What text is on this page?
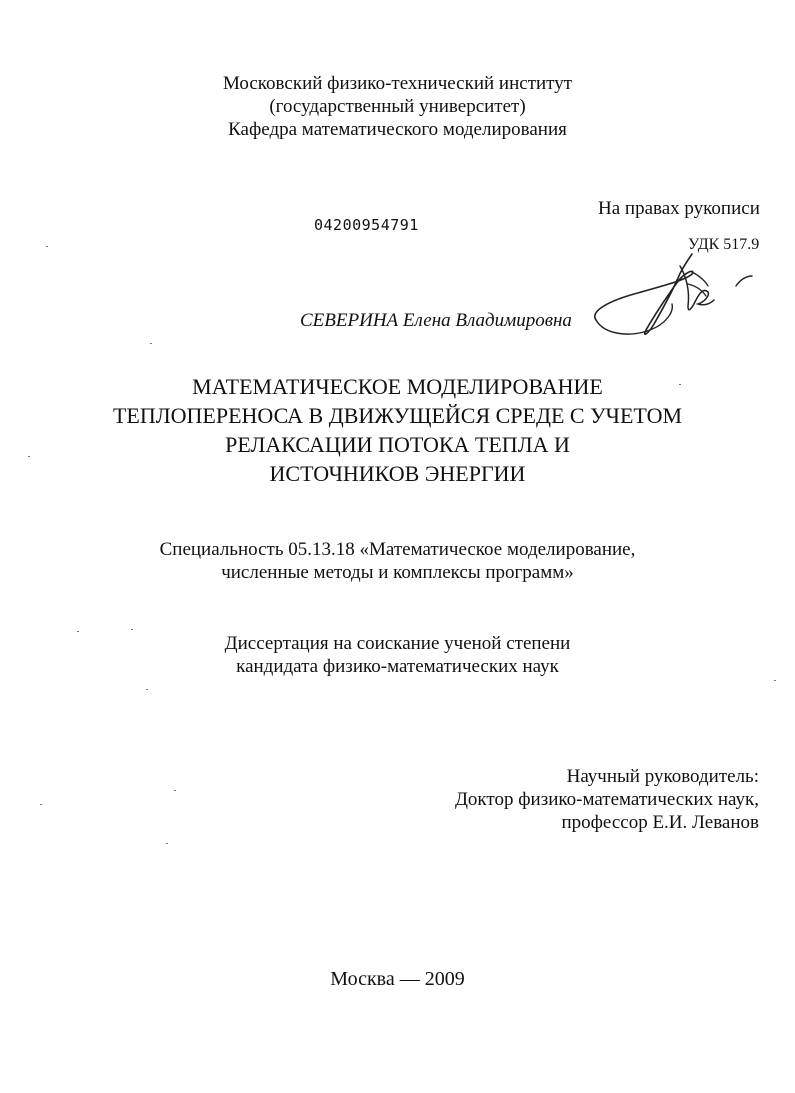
Московский физико-технический институт
(государственный университет)
Кафедра математического моделирования
На правах рукописи
04200954791
УДК 517.9
СЕВЕРИНА Елена Владимировна
МАТЕМАТИЧЕСКОЕ МОДЕЛИРОВАНИЕ
ТЕПЛОПЕРЕНОСА В ДВИЖУЩЕЙСЯ СРЕДЕ С УЧЕТОМ
РЕЛАКСАЦИИ ПОТОКА ТЕПЛА И
ИСТОЧНИКОВ ЭНЕРГИИ
Специальность 05.13.18 «Математическое моделирование,
численные методы и комплексы программ»
Диссертация на соискание ученой степени
кандидата физико-математических наук
Научный руководитель:
Доктор физико-математических наук,
профессор Е.И. Леванов
Москва — 2009
